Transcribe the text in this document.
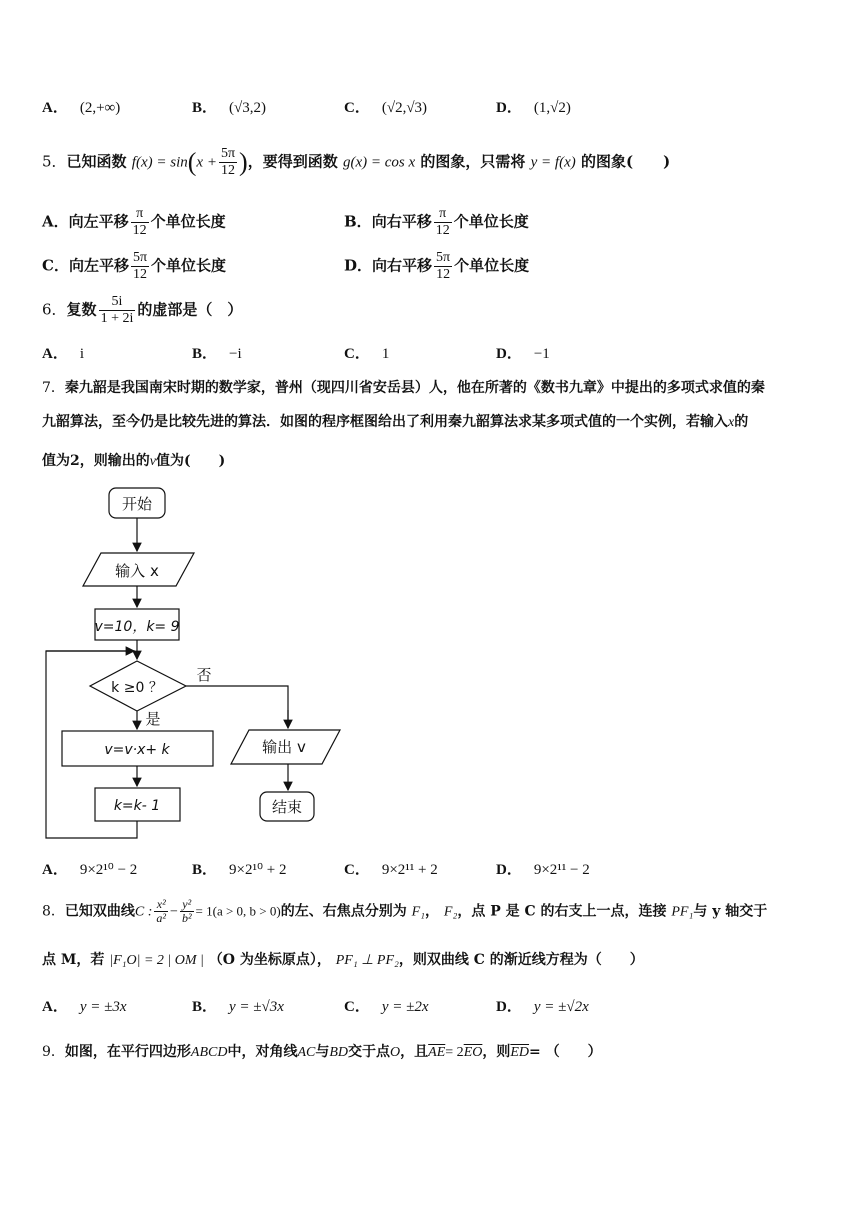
A． (2,+∞)	B． (√3,2)	C． (√2,√3)	D． (1,√2)
5．已知函数 $f(x) = \sin(x + \frac{5\pi}{12}$ )，要得到函数 g(x) = cos x 的图象，只需将 y = f(x) 的图象(　　)
A．向左平移 $\frac{\pi}{12}$ 个单位长度	B．向右平移 $\frac{\pi}{12}$ 个单位长度
C．向左平移 $\frac{5\pi}{12}$ 个单位长度	D．向右平移 $\frac{5\pi}{12}$ 个单位长度
6．复数 $\frac{5i}{1 + 2i}$ 的虚部是（　）
A． i	B． −i	C． 1	D． −1
7．秦九韶是我国南宋时期的数学家，普州（现四川省安岳县）人，他在所著的《数书九章》中提出的多项式求值的秦
九韶算法，至今仍是比较先进的算法．如图的程序框图给出了利用秦九韶算法求某多项式值的一个实例，若输入x的
值为2，则输出的v值为(　　)
开始
输入 x
v=10，k= 9
k ≥0 ？
否
是
v=v·x+ k
k=k- 1
输出 v
结束
A． 9×2¹⁰ − 2	B． 9×2¹⁰ + 2	C． 9×2¹¹ + 2	D． 9×2¹¹ − 2
8．已知双曲线C : $\frac{\text{x²}}{\text{a²}} - \frac{\text{y²}}{\text{b²}} = 1(a > 0$, b > 0)的左、右焦点分别为 F₁， F₂，点 P 是 C 的右支上一点，连接 PF₁与 y 轴交于
点 M，若 |F₁O| = 2 | OM | （O 为坐标原点）， PF₁ ⊥ PF₂，则双曲线 C 的渐近线方程为（　　）
A． y = ±3x	B． y = ±√3x	C． y = ±2x	D． y = ±√2x
9．如图，在平行四边形ABCD中，对角线AC与BD交于点O，且$\overline{AE}= 2\overline{EO}$，则$\overline{ED}=$ （　　）
